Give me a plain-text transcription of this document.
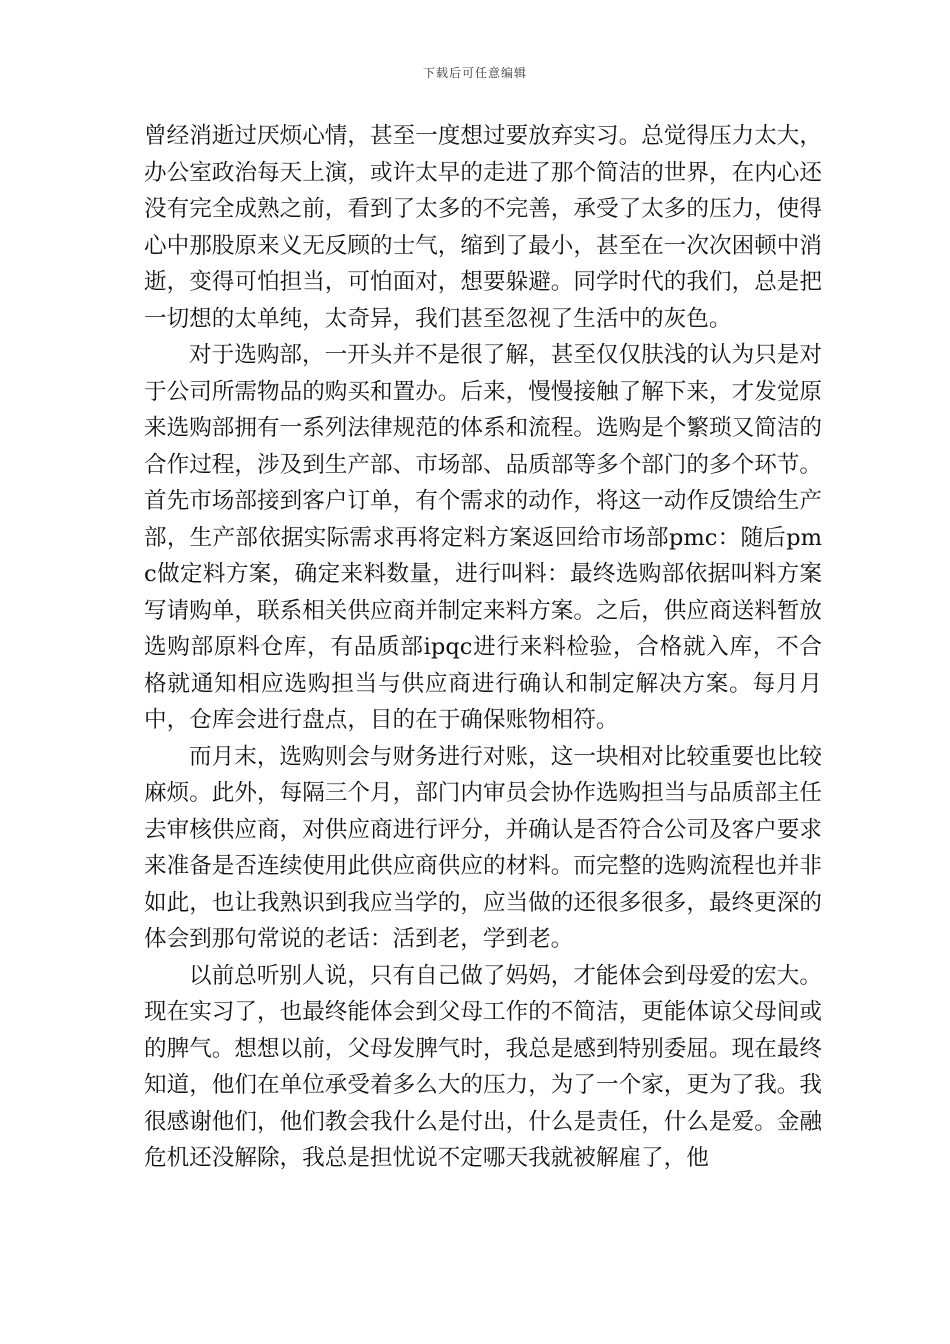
下载后可任意编辑

曾经消逝过厌烦心情，甚至一度想过要放弃实习。总觉得压力太大，办公室政治每天上演，或许太早的走进了那个简洁的世界，在内心还没有完全成熟之前，看到了太多的不完善，承受了太多的压力，使得心中那股原来义无反顾的士气，缩到了最小，甚至在一次次困顿中消逝，变得可怕担当，可怕面对，想要躲避。同学时代的我们，总是把一切想的太单纯，太奇异，我们甚至忽视了生活中的灰色。

对于选购部，一开头并不是很了解，甚至仅仅肤浅的认为只是对于公司所需物品的购买和置办。后来，慢慢接触了解下来，才发觉原来选购部拥有一系列法律规范的体系和流程。选购是个繁琐又简洁的合作过程，涉及到生产部、市场部、品质部等多个部门的多个环节。首先市场部接到客户订单，有个需求的动作，将这一动作反馈给生产部，生产部依据实际需求再将定料方案返回给市场部pmc：随后pmc做定料方案，确定来料数量，进行叫料：最终选购部依据叫料方案写请购单，联系相关供应商并制定来料方案。之后，供应商送料暂放选购部原料仓库，有品质部ipqc进行来料检验，合格就入库，不合格就通知相应选购担当与供应商进行确认和制定解决方案。每月月中，仓库会进行盘点，目的在于确保账物相符。

而月末，选购则会与财务进行对账，这一块相对比较重要也比较麻烦。此外，每隔三个月，部门内审员会协作选购担当与品质部主任去审核供应商，对供应商进行评分，并确认是否符合公司及客户要求来准备是否连续使用此供应商供应的材料。而完整的选购流程也并非如此，也让我熟识到我应当学的，应当做的还很多很多，最终更深的体会到那句常说的老话：活到老，学到老。

以前总听别人说，只有自己做了妈妈，才能体会到母爱的宏大。现在实习了，也最终能体会到父母工作的不简洁，更能体谅父母间或的脾气。想想以前，父母发脾气时，我总是感到特别委屈。现在最终知道，他们在单位承受着多么大的压力，为了一个家，更为了我。我很感谢他们，他们教会我什么是付出，什么是责任，什么是爱。金融危机还没解除，我总是担忧说不定哪天我就被解雇了，他
